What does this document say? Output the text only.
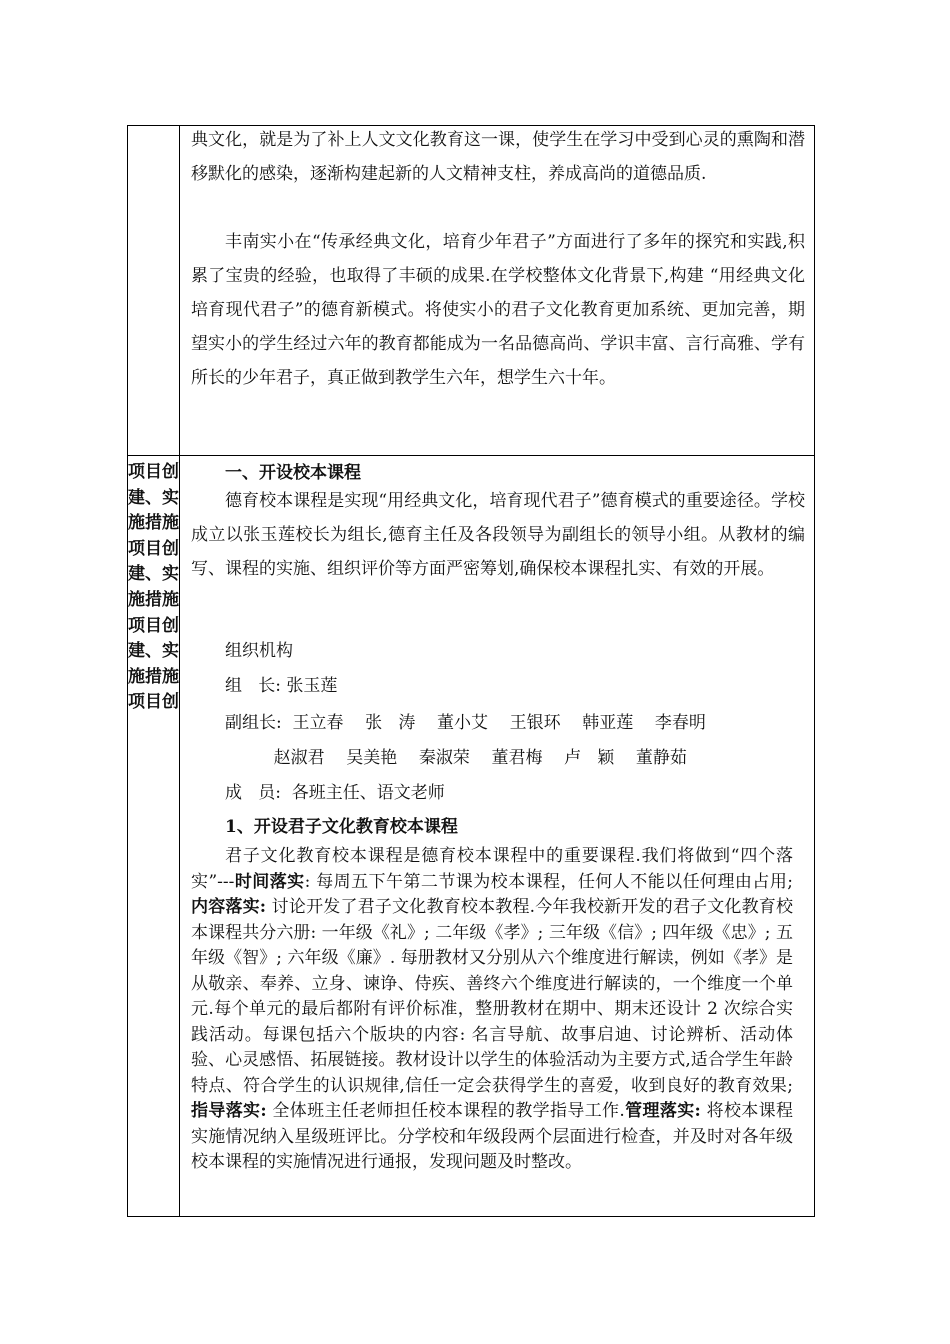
典文化，就是为了补上人文文化教育这一课，使学生在学习中受到心灵的熏陶和潜移默化的感染，逐渐构建起新的人文精神支柱，养成高尚的道德品质.
丰南实小在“传承经典文化，培育少年君子”方面进行了多年的探究和实践,积累了宝贵的经验，也取得了丰硕的成果.在学校整体文化背景下,构建 “用经典文化 培育现代君子”的德育新模式。将使实小的君子文化教育更加系统、更加完善，期望实小的学生经过六年的教育都能成为一名品德高尚、学识丰富、言行高雅、学有所长的少年君子，真正做到教学生六年，想学生六十年。
项目创建、实施措施项目创建、实施措施项目创建、实施措施项目创
一、开设校本课程
德育校本课程是实现“用经典文化，培育现代君子”德育模式的重要途径。学校成立以张玉莲校长为组长,德育主任及各段领导为副组长的领导小组。从教材的编写、课程的实施、组织评价等方面严密筹划,确保校本课程扎实、有效的开展。
组织机构
组   长: 张玉莲
副组长:  王立春    张   涛    董小艾    王银环    韩亚莲    李春明
赵淑君    吴美艳    秦淑荣    董君梅    卢   颖    董静茹
成   员:  各班主任、语文老师
1、开设君子文化教育校本课程
君子文化教育校本课程是德育校本课程中的重要课程.我们将做到“四个落实”---时间落实: 每周五下午第二节课为校本课程，任何人不能以任何理由占用;内容落实: 讨论开发了君子文化教育校本教程.今年我校新开发的君子文化教育校本课程共分六册: 一年级《礼》; 二年级《孝》; 三年级《信》; 四年级《忠》; 五年级《智》; 六年级《廉》. 每册教材又分别从六个维度进行解读，例如《孝》是从敬亲、奉养、立身、谏诤、侍疾、善终六个维度进行解读的，一个维度一个单元.每个单元的最后都附有评价标准，整册教材在期中、期末还设计 2 次综合实践活动。每课包括六个版块的内容: 名言导航、故事启迪、讨论辨析、活动体验、心灵感悟、拓展链接。教材设计以学生的体验活动为主要方式,适合学生年龄特点、符合学生的认识规律,信任一定会获得学生的喜爱，收到良好的教育效果; 指导落实: 全体班主任老师担任校本课程的教学指导工作.管理落实: 将校本课程实施情况纳入星级班评比。分学校和年级段两个层面进行检查，并及时对各年级校本课程的实施情况进行通报，发现问题及时整改。
